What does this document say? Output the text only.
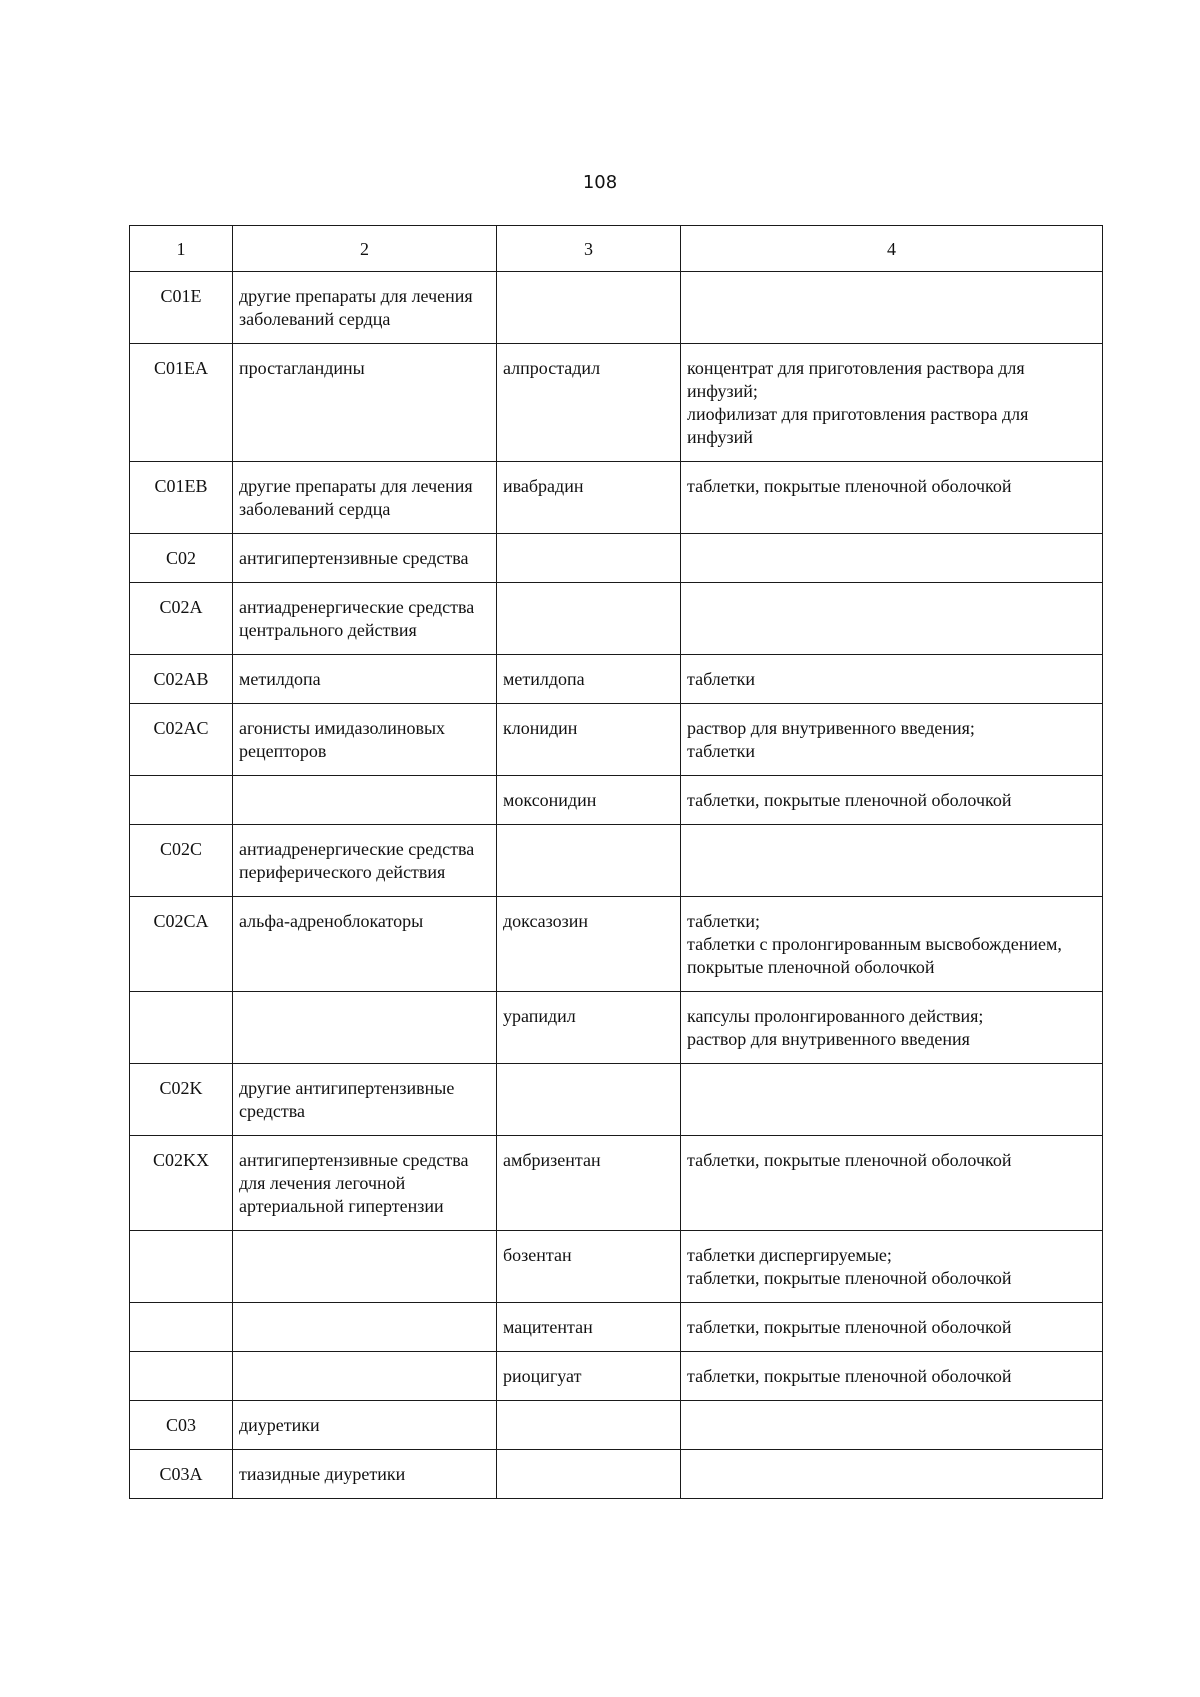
108
1	2	3	4
C01E	другие препараты для лечения заболеваний сердца		
C01EA	простагландины	алпростадил	концентрат для приготовления раствора для инфузий;
лиофилизат для приготовления раствора для инфузий

C01EB	другие препараты для лечения заболеваний сердца	ивабрадин	таблетки, покрытые пленочной оболочкой

C02	антигипертензивные средства		
C02A	антиадренергические средства центрального действия		
C02AB	метилдопа	метилдопа	таблетки

C02AC	агонисты имидазолиновых рецепторов	клонидин	раствор для внутривенного введения;
таблетки

		моксонидин	таблетки, покрытые пленочной оболочкой

C02C	антиадренергические средства периферического действия		
C02CA	альфа-адреноблокаторы	доксазозин	таблетки;
таблетки с пролонгированным высвобождением, покрытые пленочной оболочкой

		урапидил	капсулы пролонгированного действия;
раствор для внутривенного введения

C02K	другие антигипертензивные средства		
C02KX	антигипертензивные средства для лечения легочной артериальной гипертензии	амбризентан	таблетки, покрытые пленочной оболочкой

		бозентан	таблетки диспергируемые;
таблетки, покрытые пленочной оболочкой

		мацитентан	таблетки, покрытые пленочной оболочкой

		риоцигуат	таблетки, покрытые пленочной оболочкой

C03	диуретики		
C03A	тиазидные диуретики		
